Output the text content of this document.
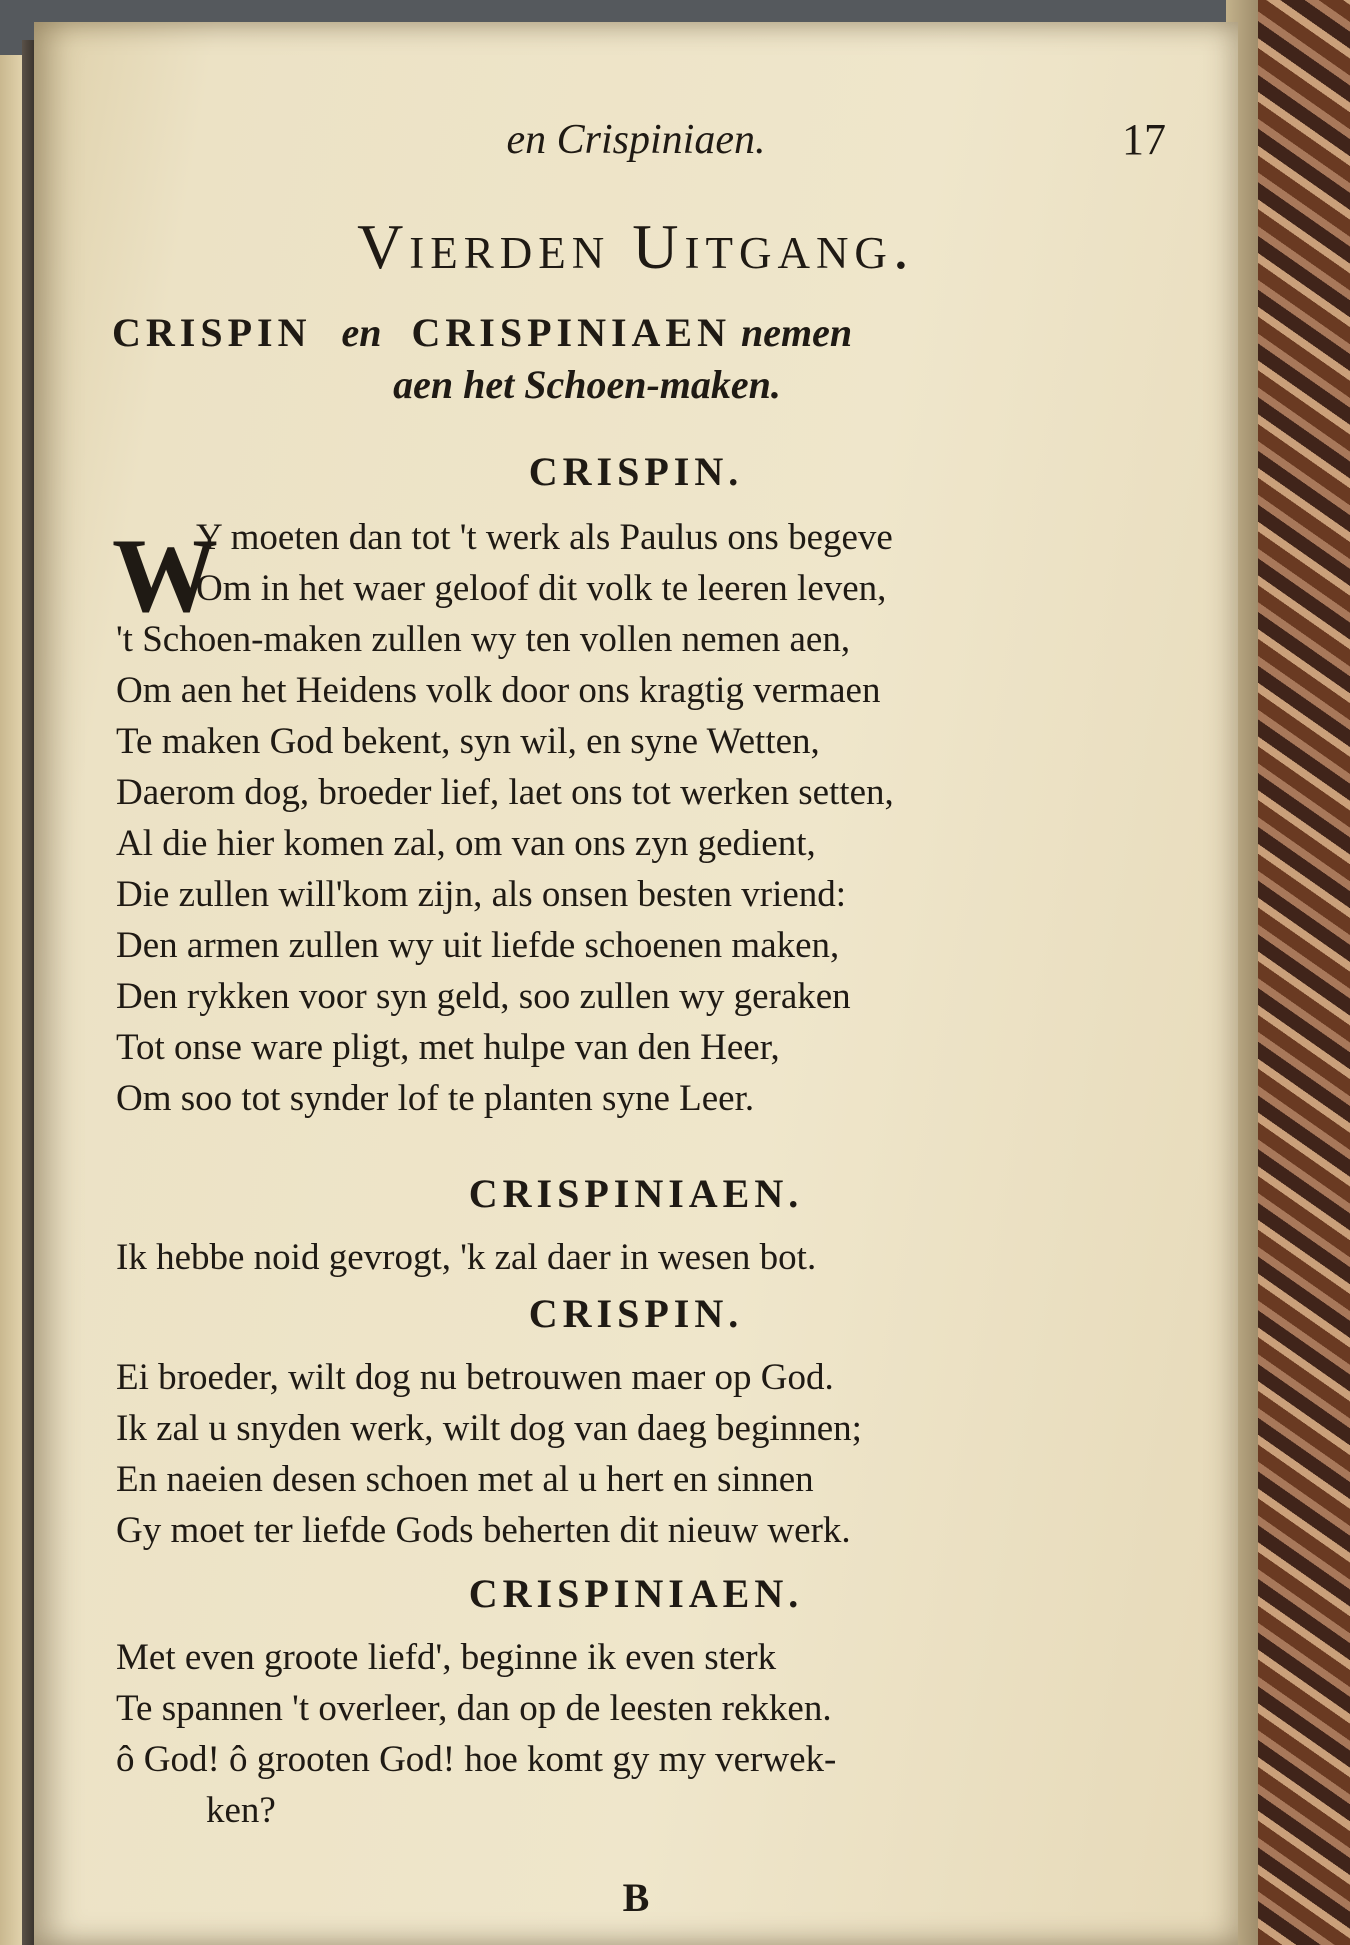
en Crispiniaen.	17
Vierden Uitgang.
CRISPIN en CRISPINIAEN nemen
aen het Schoen-maken.
CRISPIN.
W
Y moeten dan tot 't werk als Paulus ons begeve
Om in het waer geloof dit volk te leeren leven,
't Schoen-maken zullen wy ten vollen nemen aen,
Om aen het Heidens volk door ons kragtig vermaen
Te maken God bekent, syn wil, en syne Wetten,
Daerom dog, broeder lief, laet ons tot werken setten,
Al die hier komen zal, om van ons zyn gedient,
Die zullen will'kom zijn, als onsen besten vriend:
Den armen zullen wy uit liefde schoenen maken,
Den rykken voor syn geld, soo zullen wy geraken
Tot onse ware pligt, met hulpe van den Heer,
Om soo tot synder lof te planten syne Leer.
CRISPINIAEN.
Ik hebbe noid gevrogt, 'k zal daer in wesen bot.
CRISPIN.
Ei broeder, wilt dog nu betrouwen maer op God.
Ik zal u snyden werk, wilt dog van daeg beginnen;
En naeien desen schoen met al u hert en sinnen
Gy moet ter liefde Gods beherten dit nieuw werk.
CRISPINIAEN.
Met even groote liefd', beginne ik even sterk
Te spannen 't overleer, dan op de leesten rekken.
ô God! ô grooten God! hoe komt gy my verwek-
ken?
B
